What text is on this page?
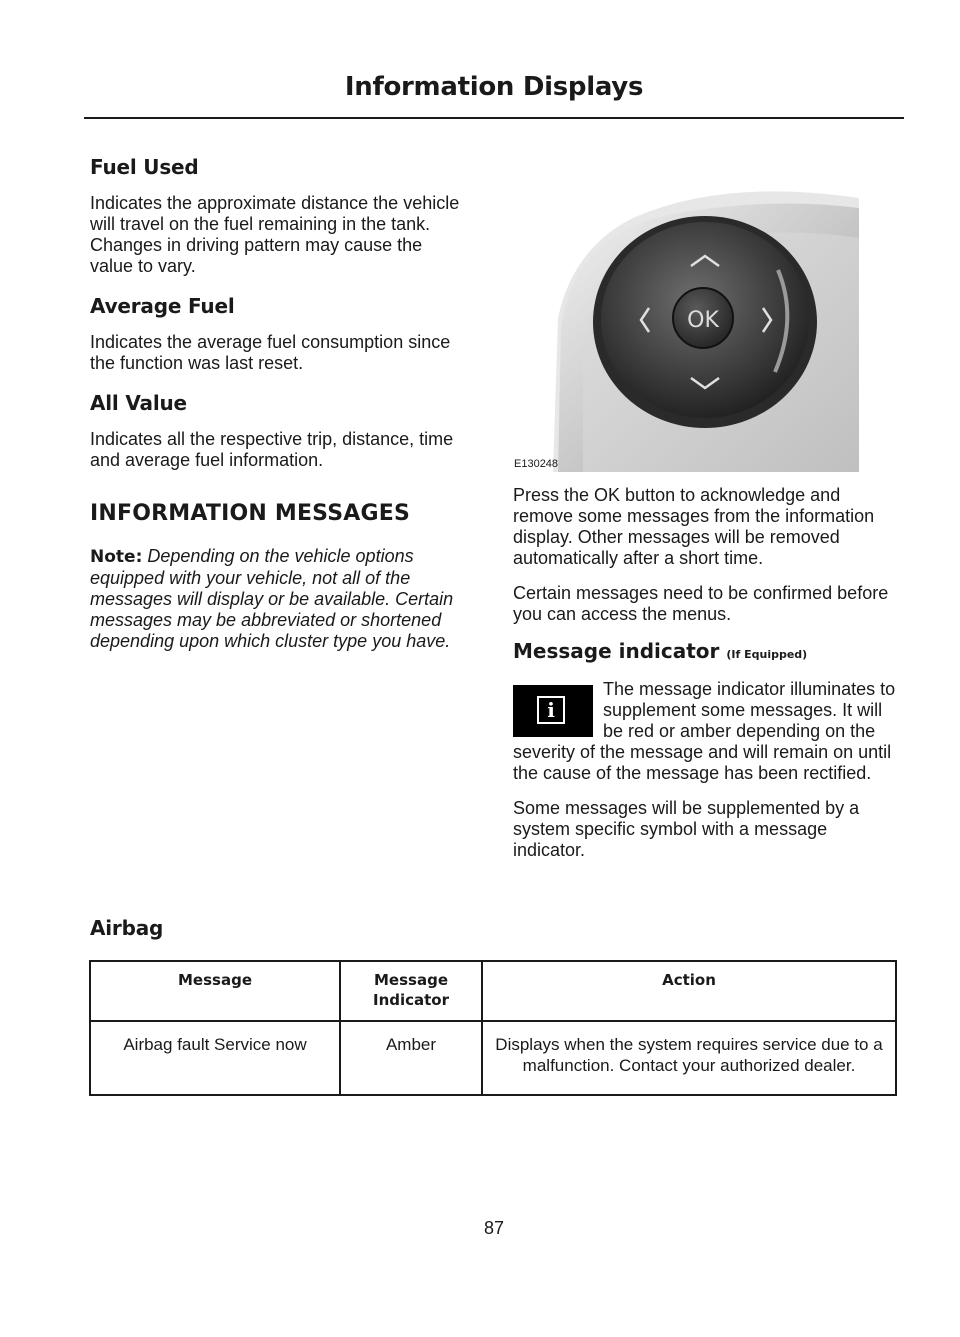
Information Displays
Fuel Used

Indicates the approximate distance the vehicle will travel on the fuel remaining in the tank. Changes in driving pattern may cause the value to vary.

Average Fuel

Indicates the average fuel consumption since the function was last reset.

All Value

Indicates all the respective trip, distance, time and average fuel information.

INFORMATION MESSAGES

Note: Depending on the vehicle options equipped with your vehicle, not all of the messages will display or be available. Certain messages may be abbreviated or shortened depending upon which cluster type you have.

OK
E130248

Press the OK button to acknowledge and remove some messages from the information display. Other messages will be removed automatically after a short time.

Certain messages need to be confirmed before you can access the menus.

Message indicator (If Equipped)
i

The message indicator illuminates to supplement some messages. It will be red or amber depending on the severity of the message and will remain on until the cause of the message has been rectified.

Some messages will be supplemented by a system specific symbol with a message indicator.

Airbag
Message	Message Indicator	Action
Airbag fault Service now	Amber	Displays when the system requires service due to a malfunction. Contact your authorized dealer.
87
